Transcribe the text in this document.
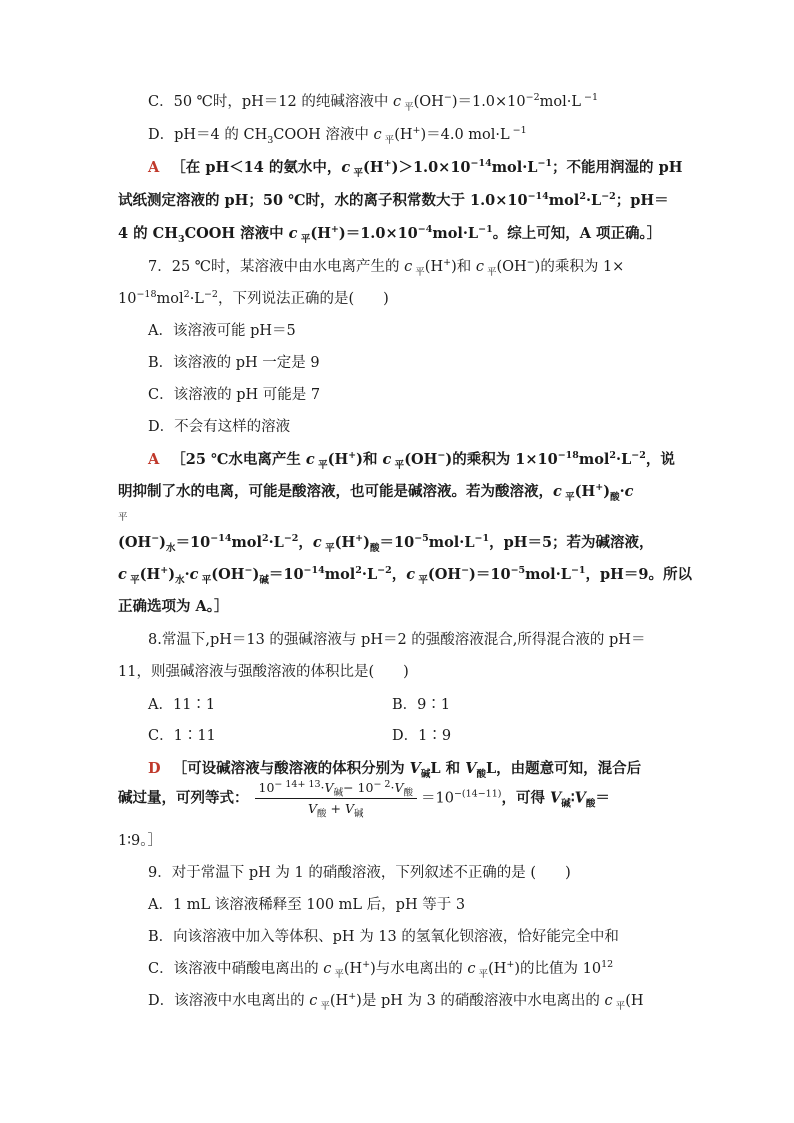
C．50 ℃时，pH＝12 的纯碱溶液中 c $_平(OH^-)=1.0\times 10^{-2}mol\cdot L$ $^{-1}$
D．pH＝4 的 $CH_3COOH$ 溶液中 c $_平$(H+)＝4.0 mol·L $^{-1}$
A ［在 pH＜14 的氨水中，c $_平(H^+)>1.0\times 10^{-14}mol\cdot L^{-1}$；不能用润湿的 pH
试纸测定溶液的 pH；50 ℃时，水的离子积常数大于 $1.0\times 10^{-14}mol^2\cdot L^{-2}$；pH＝
4 的 $CH_3COOH$ 溶液中 c $_平(H^+)=1.0\times 10^{-4}mol\cdot L^{-1}$。综上可知，A 项正确。］
7．25 ℃时，某溶液中由水电离产生的 c $_平$(H+)和 c $_平$(OH−)的乘积为 1×
$10^{-18}mol^2\cdot L^{-2}$，下列说法正确的是(　　)
A．该溶液可能 pH＝5
B．该溶液的 pH 一定是 9
C．该溶液的 pH 可能是 7
D．不会有这样的溶液
A ［25 ℃水电离产生 c $_平$(H+)和 c $_平$(OH−)的乘积为 $1\times 10^{-18}mol^2\cdot L^{-2}$，说
明抑制了水的电离，可能是酸溶液，也可能是碱溶液。若为酸溶液，c $_平(H^+)_酸\cdot c$
平
$(OH^-)_水=10^{-14}mol^2\cdot L^{-2}$，c $_平(H^+)_酸=10^{-5}mol\cdot L^{-1}$，pH＝5；若为碱溶液，
c $_平(H^+)_水\cdot c$ $_平(OH^-)_碱=10^{-14}mol^2\cdot L^{-2}$，c $_平(OH^-)=10^{-5}mol\cdot L^{-1}$，pH＝9。所以
正确选项为 A。］
8.常温下,pH＝13 的强碱溶液与 pH＝2 的强酸溶液混合,所得混合液的 pH＝
11，则强碱溶液与强酸溶液的体积比是(　　)
A．11∶1	B．9∶1
C．1∶11	D．1∶9
D ［可设碱溶液与酸溶液的体积分别为 $V_碱L$ 和 $V_酸L$，由题意可知，混合后
碱过量，可列等式： $\frac{10^{- 14+ 13}\cdot V_碱- 10^{- 2}\cdot V_酸}{V_酸 + V_碱} =10^{-(14-11)}$，可得 $V_碱∶V_酸=$
1∶9。］
9．对于常温下 pH 为 1 的硝酸溶液，下列叙述不正确的是 (　　)
A．1 mL 该溶液稀释至 100 mL 后，pH 等于 3
B．向该溶液中加入等体积、pH 为 13 的氢氧化钡溶液，恰好能完全中和
C．该溶液中硝酸电离出的 c $_平$(H+)与水电离出的 c $_平$(H+)的比值为 $10^{12}$
D．该溶液中水电离出的 c $_平$(H+)是 pH 为 3 的硝酸溶液中水电离出的 c $_平$(H
